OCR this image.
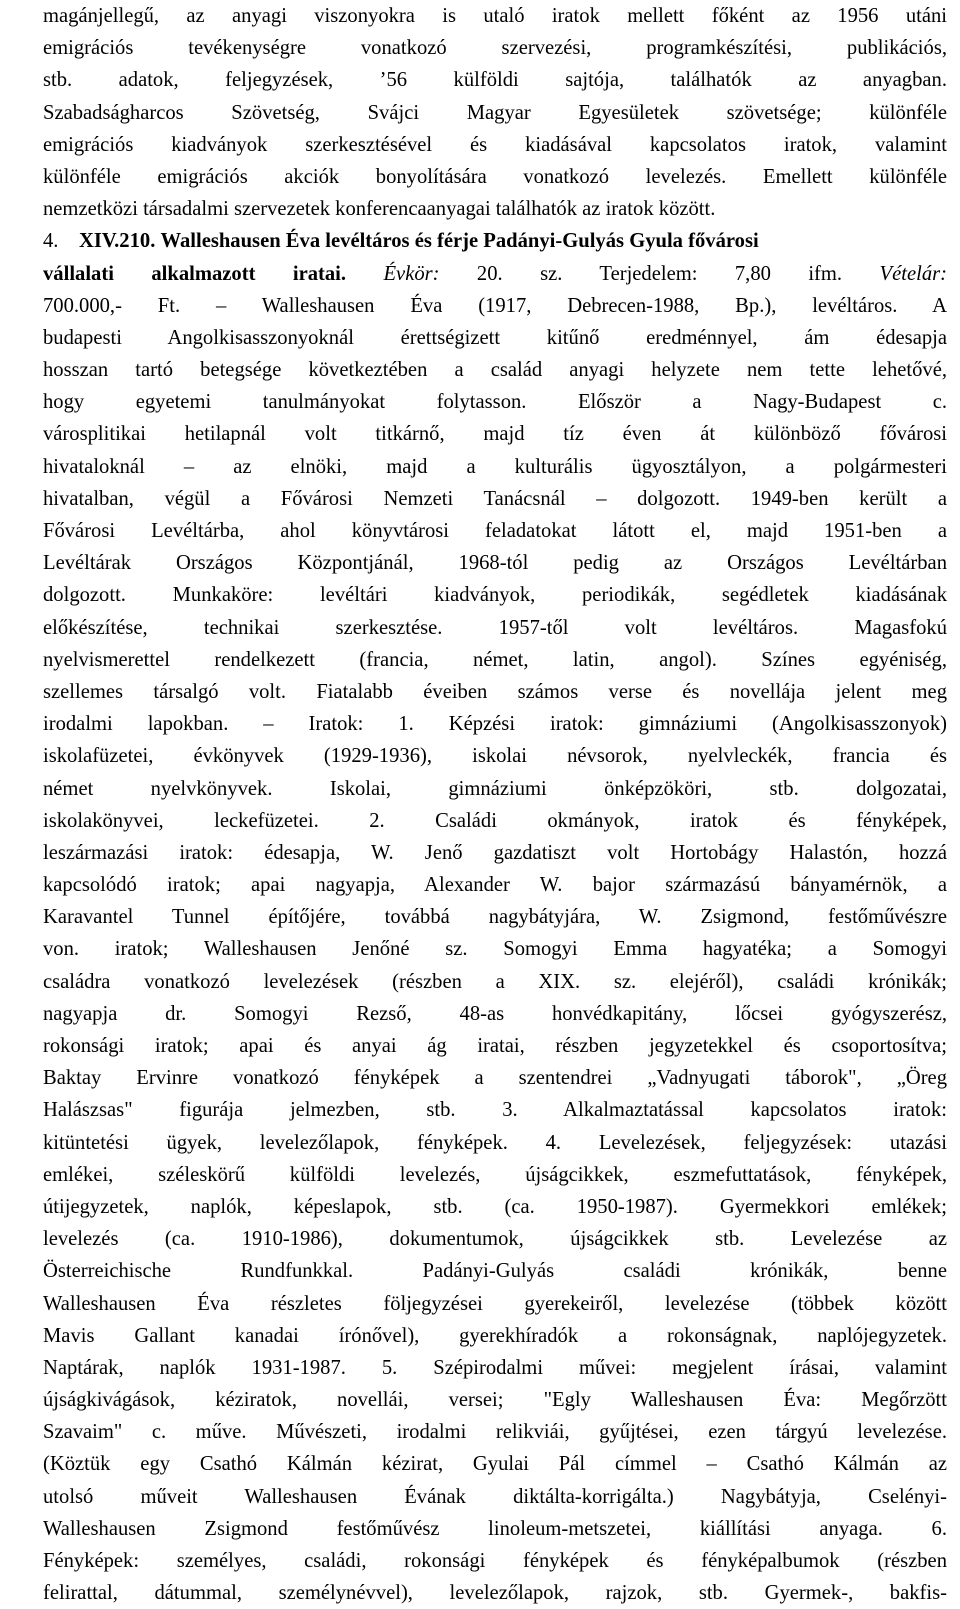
magánjellegű, az anyagi viszonyokra is utaló iratok mellett főként az 1956 utáni
emigrációs tevékenységre vonatkozó szervezési, programkészítési, publikációs,
stb. adatok, feljegyzések, ’56 külföldi sajtója, találhatók az anyagban.
Szabadságharcos Szövetség, Svájci Magyar Egyesületek szövetsége; különféle
emigrációs kiadványok szerkesztésével és kiadásával kapcsolatos iratok, valamint
különféle emigrációs akciók bonyolítására vonatkozó levelezés. Emellett különféle
nemzetközi társadalmi szervezetek konferencaanyagai találhatók az iratok között.
4. XIV.210. Walleshausen Éva levéltáros és férje Padányi-Gulyás Gyula fővárosi
vállalati alkalmazott iratai. Évkör: 20. sz. Terjedelem: 7,80 ifm. Vételár:
700.000,- Ft. – Walleshausen Éva (1917, Debrecen-1988, Bp.), levéltáros. A
budapesti Angolkisasszonyoknál érettségizett kitűnő eredménnyel, ám édesapja
hosszan tartó betegsége következtében a család anyagi helyzete nem tette lehetővé,
hogy egyetemi tanulmányokat folytasson. Először a Nagy-Budapest c.
városplitikai hetilapnál volt titkárnő, majd tíz éven át különböző fővárosi
hivataloknál – az elnöki, majd a kulturális ügyosztályon, a polgármesteri
hivatalban, végül a Fővárosi Nemzeti Tanácsnál – dolgozott. 1949-ben került a
Fővárosi Levéltárba, ahol könyvtárosi feladatokat látott el, majd 1951-ben a
Levéltárak Országos Központjánál, 1968-tól pedig az Országos Levéltárban
dolgozott. Munkaköre: levéltári kiadványok, periodikák, segédletek kiadásának
előkészítése, technikai szerkesztése. 1957-től volt levéltáros. Magasfokú
nyelvismerettel rendelkezett (francia, német, latin, angol). Színes egyéniség,
szellemes társalgó volt. Fiatalabb éveiben számos verse és novellája jelent meg
irodalmi lapokban. – Iratok: 1. Képzési iratok: gimnáziumi (Angolkisasszonyok)
iskolafüzetei, évkönyvek (1929-1936), iskolai névsorok, nyelvleckék, francia és
német nyelvkönyvek. Iskolai, gimnáziumi önképzököri, stb. dolgozatai,
iskolakönyvei, leckefüzetei. 2. Családi okmányok, iratok és fényképek,
leszármazási iratok: édesapja, W. Jenő gazdatiszt volt Hortobágy Halastón, hozzá
kapcsolódó iratok; apai nagyapja, Alexander W. bajor származású bányamérnök, a
Karavantel Tunnel építőjére, továbbá nagybátyjára, W. Zsigmond, festőművészre
von. iratok; Walleshausen Jenőné sz. Somogyi Emma hagyatéka; a Somogyi
családra vonatkozó levelezések (részben a XIX. sz. elejéről), családi krónikák;
nagyapja dr. Somogyi Rezső, 48-as honvédkapitány, lőcsei gyógyszerész,
rokonsági iratok; apai és anyai ág iratai, részben jegyzetekkel és csoportosítva;
Baktay Ervinre vonatkozó fényképek a szentendrei „Vadnyugati táborok", „Öreg
Halászsas" figurája jelmezben, stb. 3. Alkalmaztatással kapcsolatos iratok:
kitüntetési ügyek, levelezőlapok, fényképek. 4. Levelezések, feljegyzések: utazási
emlékei, széleskörű külföldi levelezés, újságcikkek, eszmefuttatások, fényképek,
útijegyzetek, naplók, képeslapok, stb. (ca. 1950-1987). Gyermekkori emlékek;
levelezés (ca. 1910-1986), dokumentumok, újságcikkek stb. Levelezése az
Österreichische Rundfunkkal. Padányi-Gulyás családi krónikák, benne
Walleshausen Éva részletes följegyzései gyerekeiről, levelezése (többek között
Mavis Gallant kanadai írónővel), gyerekhíradók a rokonságnak, naplójegyzetek.
Naptárak, naplók 1931-1987. 5. Szépirodalmi művei: megjelent írásai, valamint
újságkivágások, kéziratok, novellái, versei; "Egly Walleshausen Éva: Megőrzött
Szavaim" c. műve. Művészeti, irodalmi relikviái, gyűjtései, ezen tárgyú levelezése.
(Köztük egy Csathó Kálmán kézirat, Gyulai Pál címmel – Csathó Kálmán az
utolsó műveit Walleshausen Évának diktálta-korrigálta.) Nagybátyja, Cselényi-
Walleshausen Zsigmond festőművész linoleum-metszetei, kiállítási anyaga. 6.
Fényképek: személyes, családi, rokonsági fényképek és fényképalbumok (részben
felirattal, dátummal, személynévvel), levelezőlapok, rajzok, stb. Gyermek-, bakfis-
